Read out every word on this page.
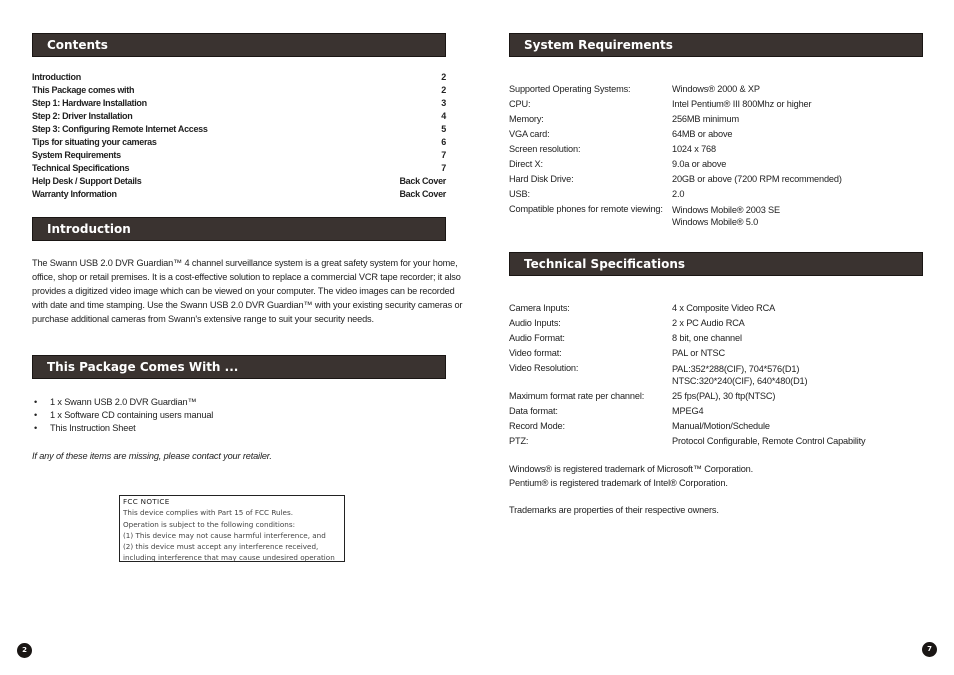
Contents
Introduction	2
This Package comes with	2
Step 1: Hardware Installation	3
Step 2: Driver Installation	4
Step 3: Configuring Remote Internet Access	5
Tips for situating your cameras	6
System Requirements	7
Technical Specifications	7
Help Desk / Support Details	Back Cover
Warranty Information	Back Cover
Introduction
The Swann USB 2.0 DVR Guardian™ 4 channel surveillance system is a great safety system for your home,
office, shop or retail premises. It is a cost-effective solution to replace a commercial VCR tape recorder; it also
provides a digitized video image which can be viewed on your computer. The video images can be recorded
with date and time stamping. Use the Swann USB 2.0 DVR Guardian™ with your existing security cameras or
purchase additional cameras from Swann's extensive range to suit your security needs.
This Package Comes With ...
• 1 x Swann USB 2.0 DVR Guardian™
• 1 x Software CD containing users manual
• This Instruction Sheet
If any of these items are missing, please contact your retailer.
FCC NOTICE
This device complies with Part 15 of FCC Rules.
Operation is subject to the following conditions:
(1) This device may not cause harmful interference, and
(2) this device must accept any interference received,
including interference that may cause undesired operation
2
System Requirements
Supported Operating Systems:	Windows® 2000 & XP
CPU:	Intel Pentium® III 800Mhz or higher
Memory:	256MB minimum
VGA card:	64MB or above
Screen resolution:	1024 x 768
Direct X:	9.0a or above
Hard Disk Drive:	20GB or above (7200 RPM recommended)
USB:	2.0
Compatible phones for remote viewing: Windows Mobile® 2003 SE
Windows Mobile® 5.0
Technical Specifications
Camera Inputs:	4 x Composite Video RCA
Audio Inputs:	2 x PC Audio RCA
Audio Format:	8 bit, one channel
Video format:	PAL or NTSC
Video Resolution:	PAL:352*288(CIF), 704*576(D1)
NTSC:320*240(CIF), 640*480(D1)
Maximum format rate per channel:	25 fps(PAL), 30 ftp(NTSC)
Data format:	MPEG4
Record Mode:	Manual/Motion/Schedule
PTZ:	Protocol Configurable, Remote Control Capability
Windows® is registered trademark of Microsoft™ Corporation.
Pentium® is registered trademark of Intel® Corporation.
Trademarks are properties of their respective owners.
7
